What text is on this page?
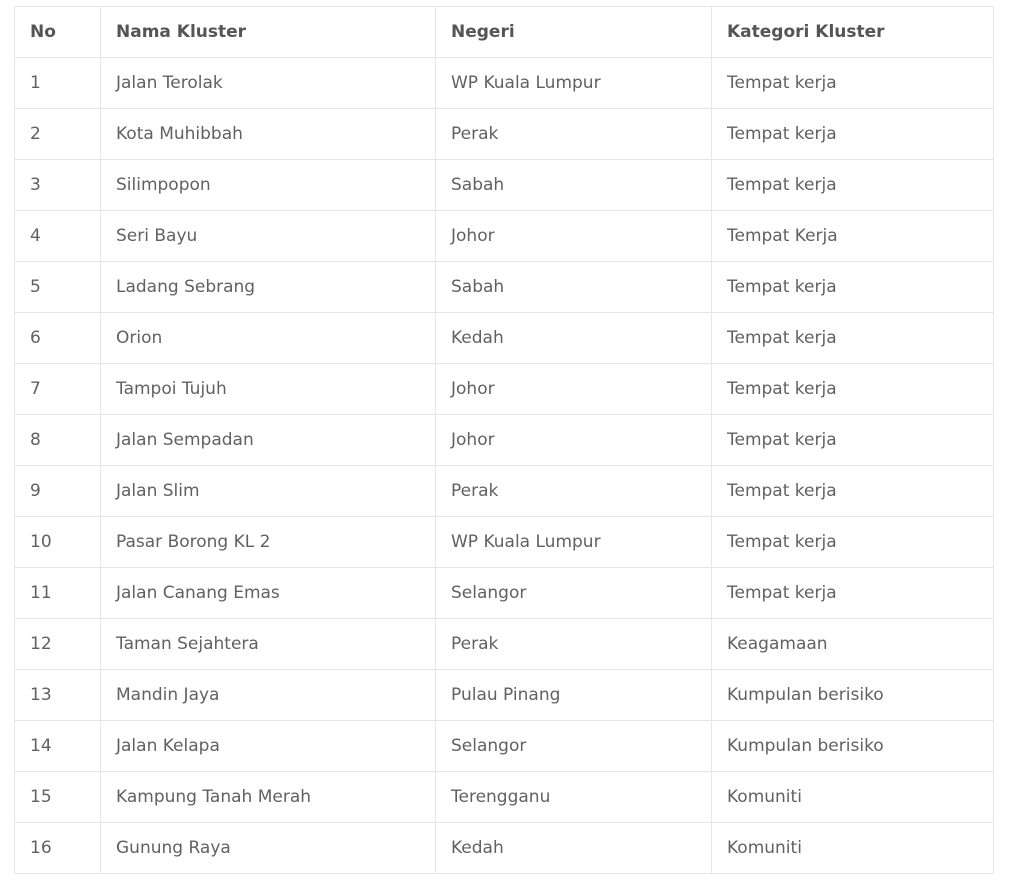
No	Nama Kluster	Negeri	Kategori Kluster
1	Jalan Terolak	WP Kuala Lumpur	Tempat kerja
2	Kota Muhibbah	Perak	Tempat kerja
3	Silimpopon	Sabah	Tempat kerja
4	Seri Bayu	Johor	Tempat Kerja
5	Ladang Sebrang	Sabah	Tempat kerja
6	Orion	Kedah	Tempat kerja
7	Tampoi Tujuh	Johor	Tempat kerja
8	Jalan Sempadan	Johor	Tempat kerja
9	Jalan Slim	Perak	Tempat kerja
10	Pasar Borong KL 2	WP Kuala Lumpur	Tempat kerja
11	Jalan Canang Emas	Selangor	Tempat kerja
12	Taman Sejahtera	Perak	Keagamaan
13	Mandin Jaya	Pulau Pinang	Kumpulan berisiko
14	Jalan Kelapa	Selangor	Kumpulan berisiko
15	Kampung Tanah Merah	Terengganu	Komuniti
16	Gunung Raya	Kedah	Komuniti
